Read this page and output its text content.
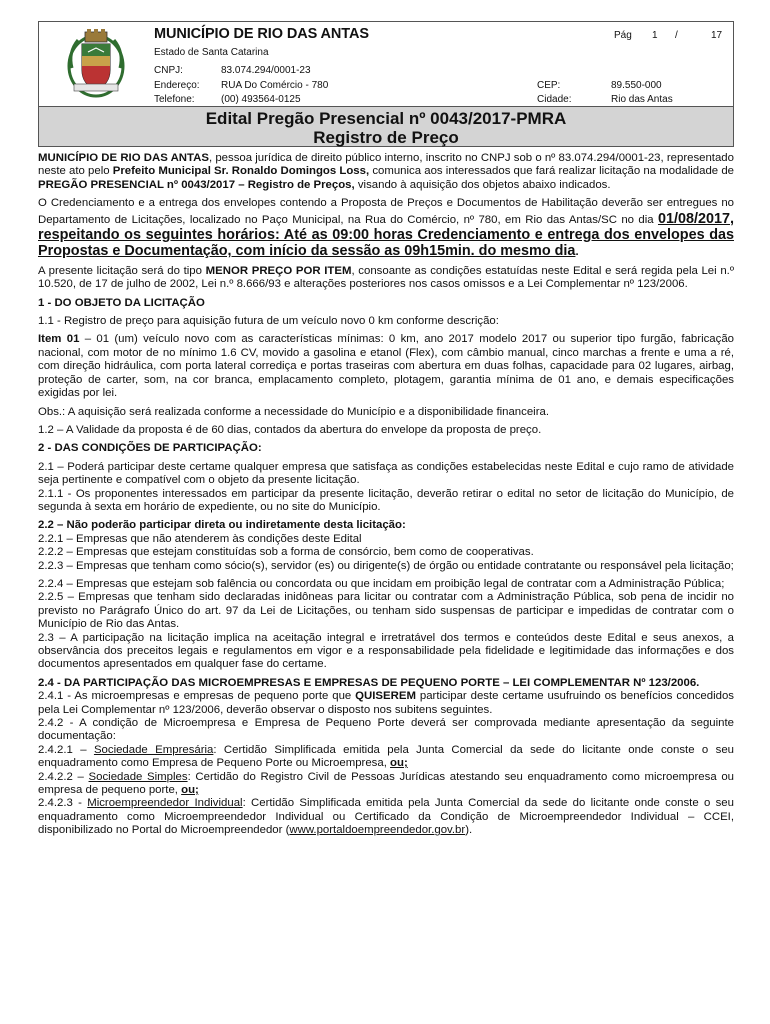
MUNICÍPIO DE RIO DAS ANTAS	Pág 1 /	17
Estado de Santa Catarina
CNPJ:	83.074.294/0001-23
Endereço: RUA Do Comércio - 780	CEP:	89.550-000
Telefone:	(00) 493564-0125	Cidade:	Rio das Antas
Edital Pregão Presencial nº 0043/2017-PMRA
Registro de Preço
MUNICÍPIO DE RIO DAS ANTAS, pessoa jurídica de direito público interno, inscrito no CNPJ sob o nº 83.074.294/0001-23, representado neste ato pelo Prefeito Municipal Sr. Ronaldo Domingos Loss, comunica aos interessados que fará realizar licitação na modalidade de PREGÃO PRESENCIAL nº 0043/2017 – Registro de Preços, visando à aquisição dos objetos abaixo indicados.
O Credenciamento e a entrega dos envelopes contendo a Proposta de Preços e Documentos de Habilitação deverão ser entregues no Departamento de Licitações, localizado no Paço Municipal, na Rua do Comércio, nº 780, em Rio das Antas/SC no dia 01/08/2017, respeitando os seguintes horários: Até as 09:00 horas Credenciamento e entrega dos envelopes das Propostas e Documentação, com início da sessão as 09h15min. do mesmo dia.
A presente licitação será do tipo MENOR PREÇO POR ITEM, consoante as condições estatuídas neste Edital e será regida pela Lei n.º 10.520, de 17 de julho de 2002, Lei n.º 8.666/93 e alterações posteriores nos casos omissos e a Lei Complementar nº 123/2006.
1 - DO OBJETO DA LICITAÇÃO
1.1 - Registro de preço para aquisição futura de um veículo novo 0 km conforme descrição:
Item 01 – 01 (um) veículo novo com as características mínimas: 0 km, ano 2017 modelo 2017 ou superior tipo furgão, fabricação nacional, com motor de no mínimo 1.6 CV, movido a gasolina e etanol (Flex), com câmbio manual, cinco marchas a frente e uma a ré, com direção hidráulica, com porta lateral corrediça e portas traseiras com abertura em duas folhas, capacidade para 02 lugares, airbag, proteção de carter, som, na cor branca, emplacamento completo, plotagem, garantia mínima de 01 ano, e demais especificações exigidas por lei.
Obs.: A aquisição será realizada conforme a necessidade do Município e a disponibilidade financeira.
1.2 – A Validade da proposta é de 60 dias, contados da abertura do envelope da proposta de preço.
2 - DAS CONDIÇÕES DE PARTICIPAÇÃO:
2.1 – Poderá participar deste certame qualquer empresa que satisfaça as condições estabelecidas neste Edital e cujo ramo de atividade seja pertinente e compatível com o objeto da presente licitação.
2.1.1 - Os proponentes interessados em participar da presente licitação, deverão retirar o edital no setor de licitação do Município, de segunda à sexta em horário de expediente, ou no site do Município.
2.2 – Não poderão participar direta ou indiretamente desta licitação:
2.2.1 – Empresas que não atenderem às condições deste Edital
2.2.2 – Empresas que estejam constituídas sob a forma de consórcio, bem como de cooperativas.
2.2.3 – Empresas que tenham como sócio(s), servidor (es) ou dirigente(s) de órgão ou entidade contratante ou responsável pela licitação;
2.2.4 – Empresas que estejam sob falência ou concordata ou que incidam em proibição legal de contratar com a Administração Pública;
2.2.5 – Empresas que tenham sido declaradas inidôneas para licitar ou contratar com a Administração Pública, sob pena de incidir no previsto no Parágrafo Único do art. 97 da Lei de Licitações, ou tenham sido suspensas de participar e impedidas de contratar com o Município de Rio das Antas.
2.3 – A participação na licitação implica na aceitação integral e irretratável dos termos e conteúdos deste Edital e seus anexos, a observância dos preceitos legais e regulamentos em vigor e a responsabilidade pela fidelidade e legitimidade das informações e dos documentos apresentados em qualquer fase do certame.
2.4 - DA PARTICIPAÇÃO DAS MICROEMPRESAS E EMPRESAS DE PEQUENO PORTE – LEI COMPLEMENTAR Nº 123/2006.
2.4.1 - As microempresas e empresas de pequeno porte que QUISEREM participar deste certame usufruindo os benefícios concedidos pela Lei Complementar nº 123/2006, deverão observar o disposto nos subitens seguintes.
2.4.2 - A condição de Microempresa e Empresa de Pequeno Porte deverá ser comprovada mediante apresentação da seguinte documentação:
2.4.2.1 – Sociedade Empresária: Certidão Simplificada emitida pela Junta Comercial da sede do licitante onde conste o seu enquadramento como Empresa de Pequeno Porte ou Microempresa, ou;
2.4.2.2 – Sociedade Simples: Certidão do Registro Civil de Pessoas Jurídicas atestando seu enquadramento como microempresa ou empresa de pequeno porte, ou;
2.4.2.3 - Microempreendedor Individual: Certidão Simplificada emitida pela Junta Comercial da sede do licitante onde conste o seu enquadramento como Microempreendedor Individual ou Certificado da Condição de Microempreendedor Individual – CCEI, disponibilizado no Portal do Microempreendedor (www.portaldoempreendedor.gov.br).
